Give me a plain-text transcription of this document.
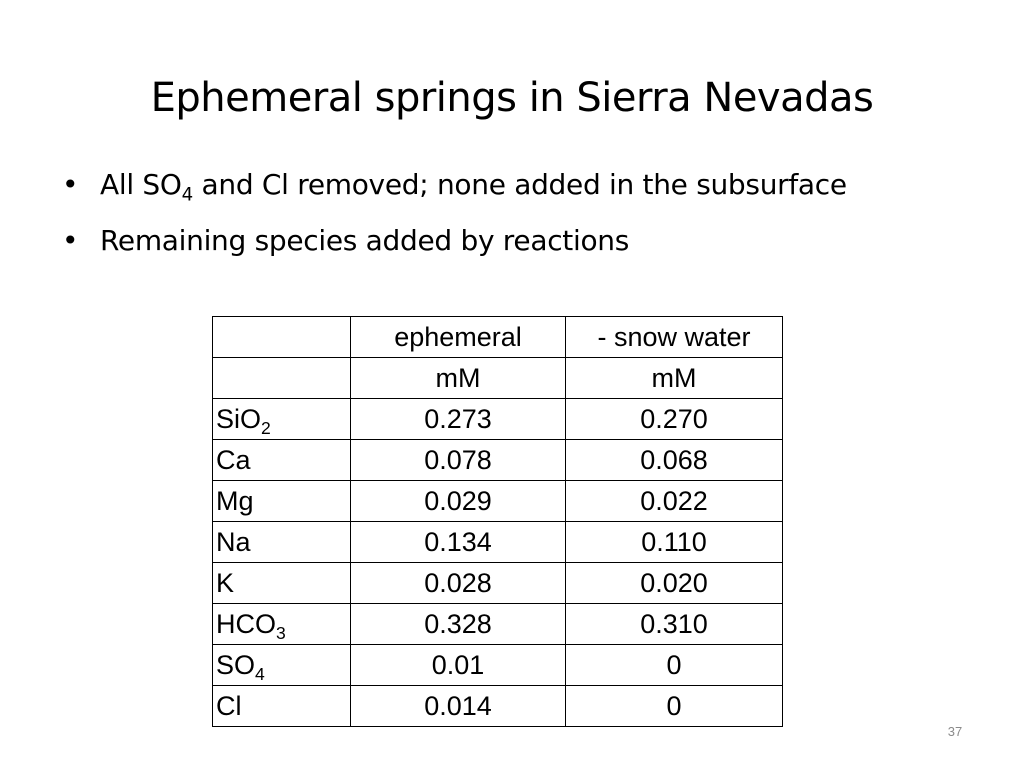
Ephemeral springs in Sierra Nevadas
• All $SO_4$ and Cl removed; none added in the subsurface
• Remaining species added by reactions
	ephemeral	- snow water
	mM	mM
SiO$_2$	0.273	0.270
Ca	0.078	0.068
Mg	0.029	0.022
Na	0.134	0.110
K	0.028	0.020
$HCO_3$	0.328	0.310
$SO_4$	0.01	0
Cl	0.014	0
37
